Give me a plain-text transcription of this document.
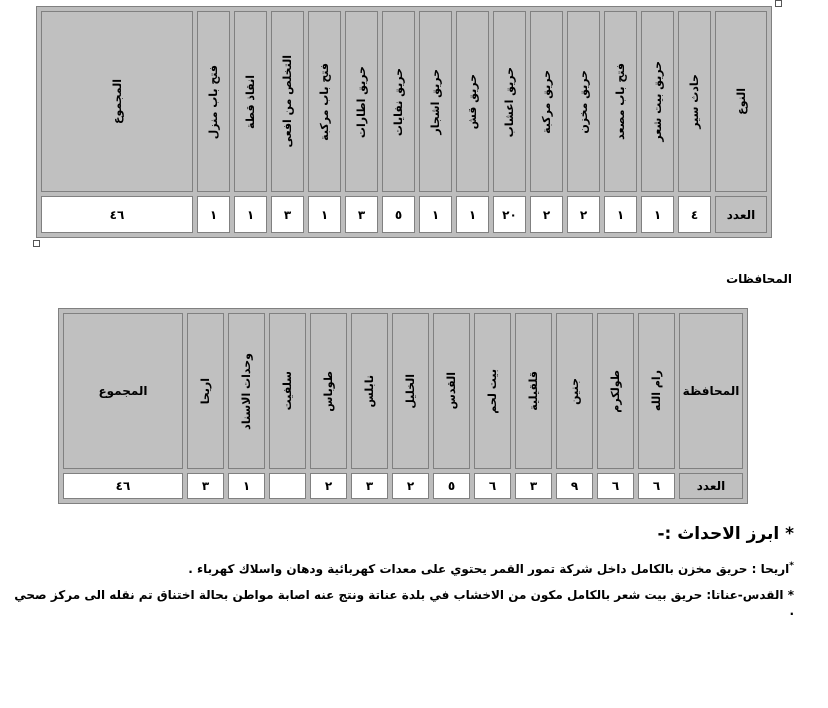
النوع	حادث سير	حريق بيت شعر	فتح باب مصعد	حريق مخزن	حريق مركبة	حريق اعشاب	حريق قش	حريق اشجار	حريق نفايات	حريق اطارات	فتح باب مركبة	التخلص من افعى	انقاذ قطة	فتح باب منزل	المجموع

العدد	٤	١	١	٢	٢	٢٠	١	١	٥	٣	١	٣	١	١	٤٦
المحافظات
المحافظة	رام الله	طولكرم	جنين	قلقيلية	بيت لحم	القدس	الخليل	نابلس	طوباس	سلفيت	وحدات الاسناد	اريحا	المجموع
العدد	٦	٦	٩	٣	٦	٥	٢	٣	٢		١	٣	٤٦

* ابرز الاحداث :-

*اريحا : حريق مخزن بالكامل داخل شركة تمور القمر يحتوي على معدات كهربائية ودهان واسلاك كهرباء .

* القدس-عناتا: حريق بيت شعر بالكامل مكون من الاخشاب في بلدة عناتة ونتج عنه اصابة مواطن بحالة اختناق تم نقله الى مركز صحي .
